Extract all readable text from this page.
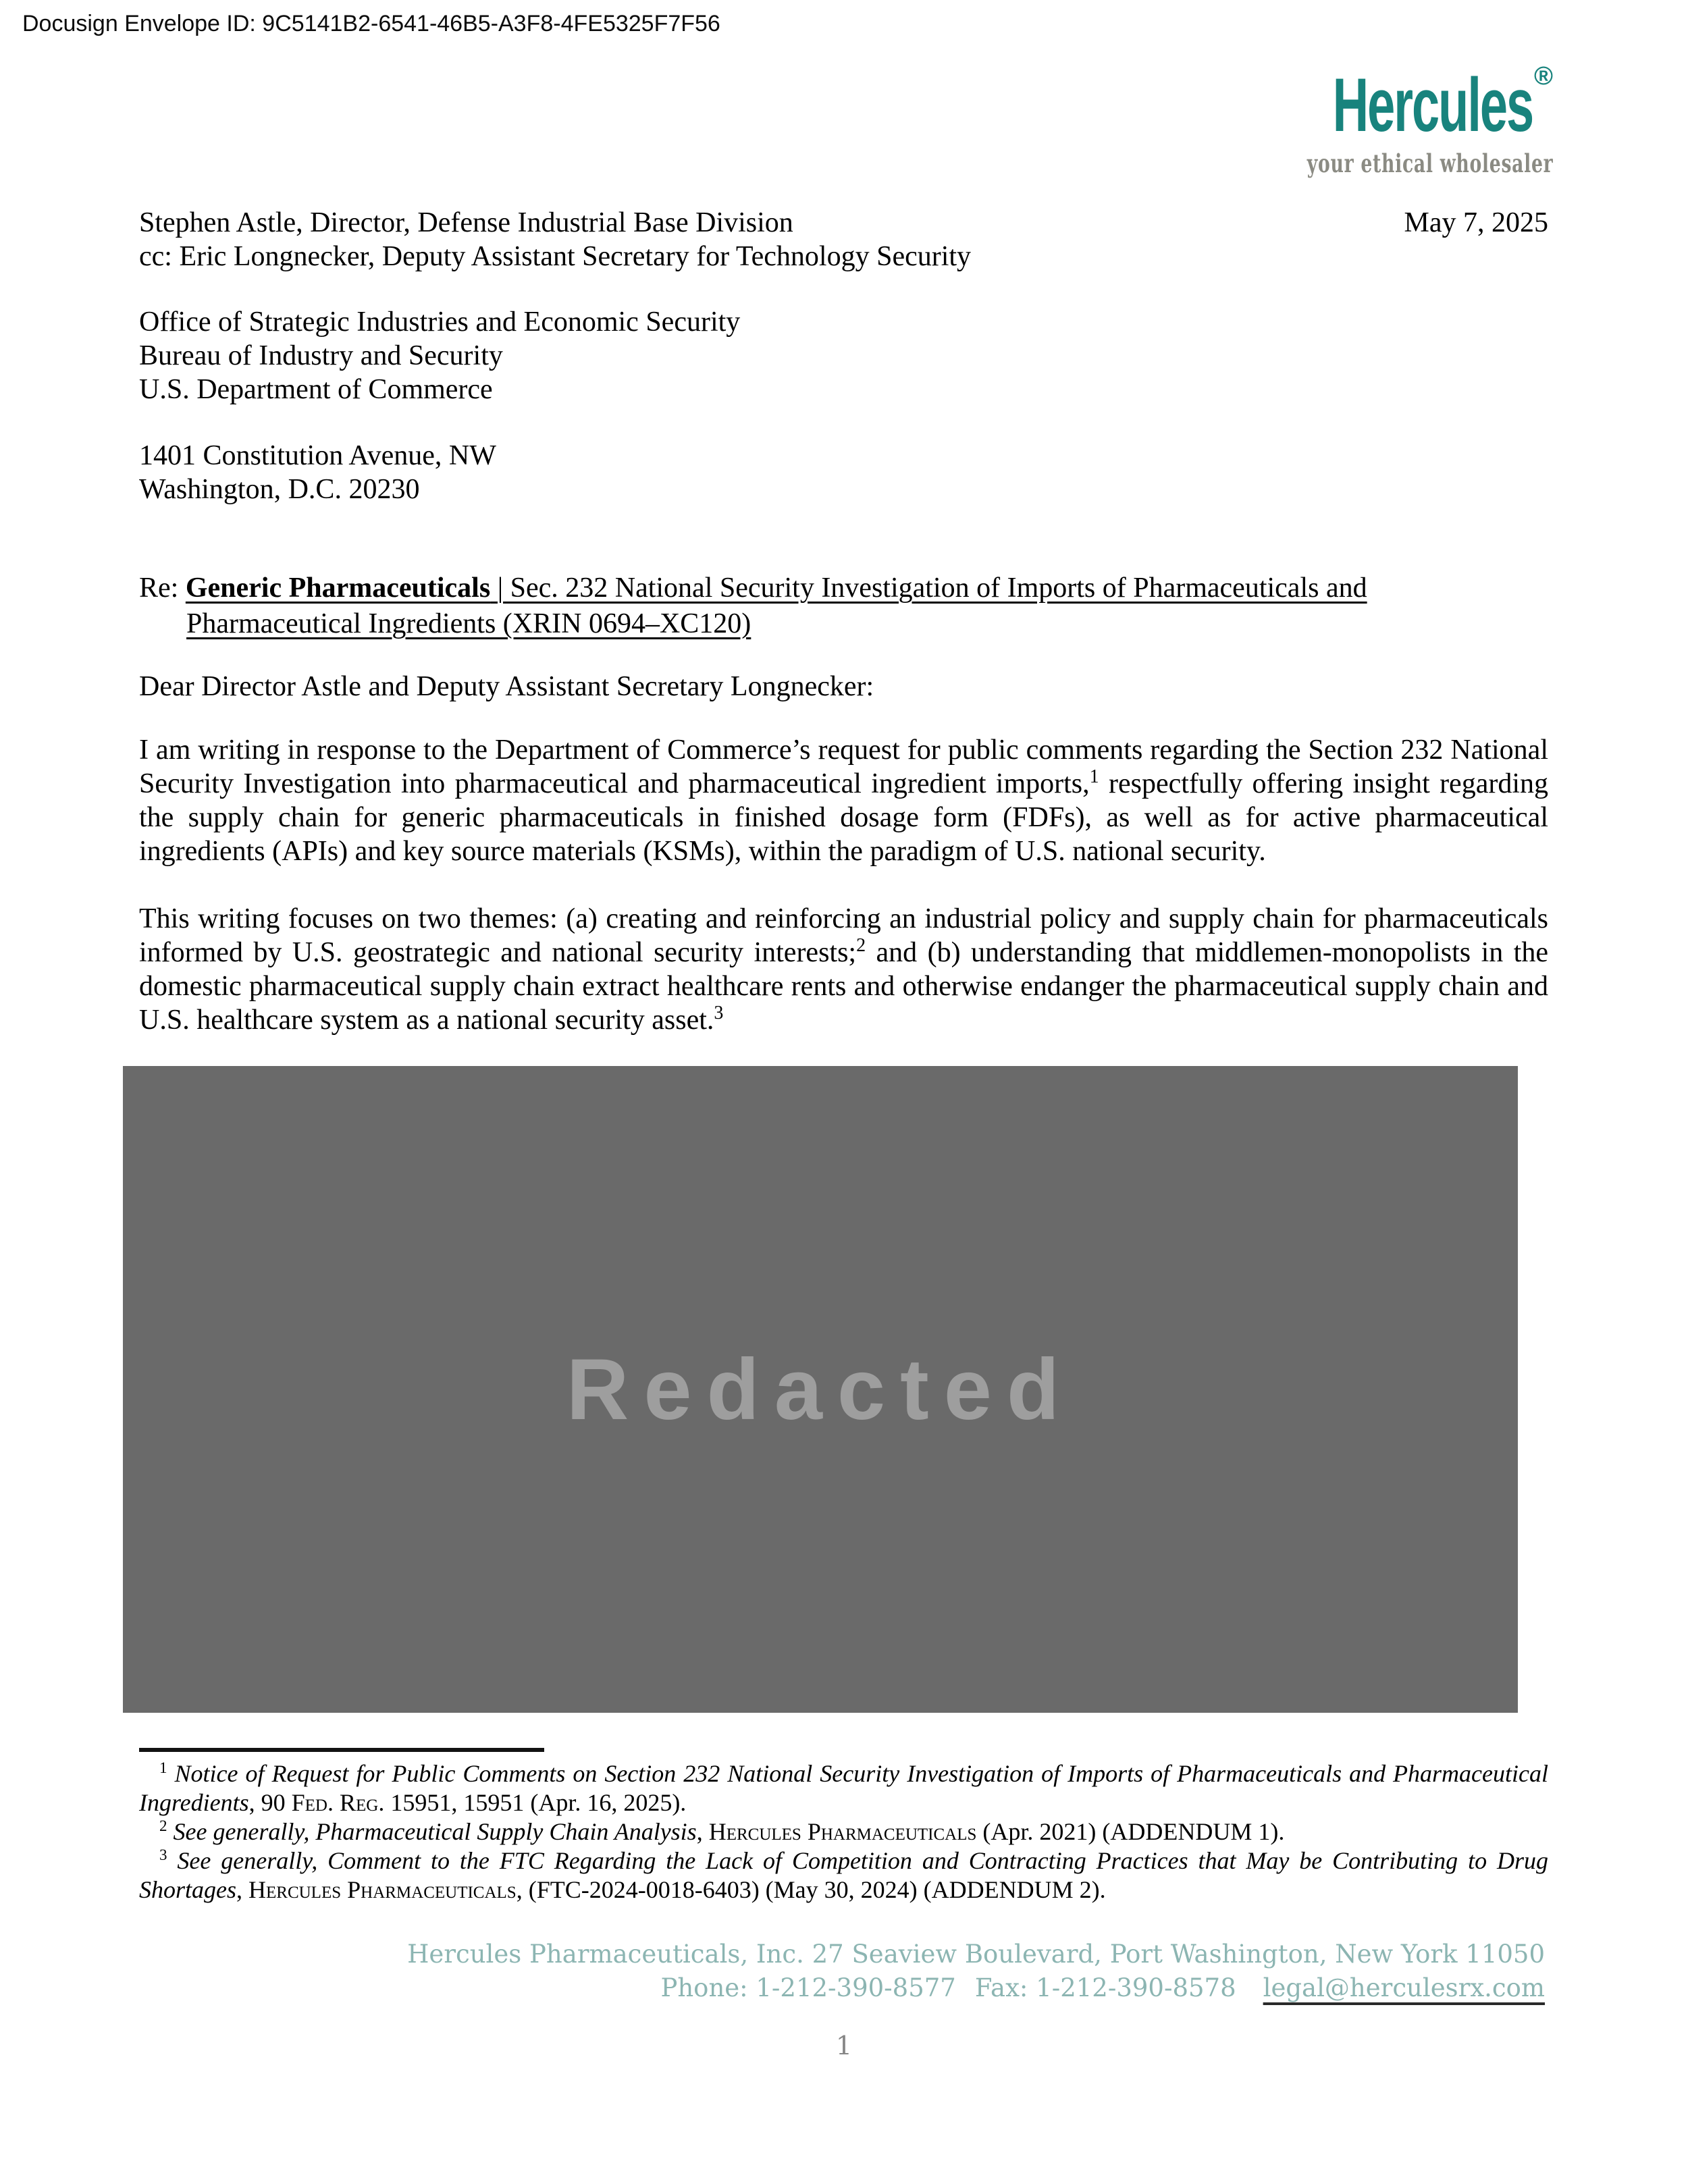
Docusign Envelope ID: 9C5141B2-6541-46B5-A3F8-4FE5325F7F56
Hercules®
your ethical wholesaler
Stephen Astle, Director, Defense Industrial Base Division	May 7, 2025
cc: Eric Longnecker, Deputy Assistant Secretary for Technology Security
Office of Strategic Industries and Economic Security
Bureau of Industry and Security
U.S. Department of Commerce
1401 Constitution Avenue, NW
Washington, D.C. 20230
Re: Generic Pharmaceuticals | Sec. 232 National Security Investigation of Imports of Pharmaceuticals and
Pharmaceutical Ingredients (XRIN 0694–XC120)
Dear Director Astle and Deputy Assistant Secretary Longnecker:

I am writing in response to the Department of Commerce’s request for public comments regarding the Section 232 National Security Investigation into pharmaceutical and pharmaceutical ingredient imports,$^1$ respectfully offering insight regarding the supply chain for generic pharmaceuticals in finished dosage form (FDFs), as well as for active pharmaceutical ingredients (APIs) and key source materials (KSMs), within the paradigm of U.S. national security.

This writing focuses on two themes: (a) creating and reinforcing an industrial policy and supply chain for pharmaceuticals informed by U.S. geostrategic and national security interests;$^2$ and (b) understanding that middlemen-monopolists in the domestic pharmaceutical supply chain extract healthcare rents and otherwise endanger the pharmaceutical supply chain and U.S. healthcare system as a national security asset.$^3$

Redacted

$^1$ Notice of Request for Public Comments on Section 232 National Security Investigation of Imports of Pharmaceuticals and Pharmaceutical Ingredients, 90 Fed. Reg. 15951, 15951 (Apr. 16, 2025).

$^2$ See generally, Pharmaceutical Supply Chain Analysis, Hercules Pharmaceuticals (Apr. 2021) (ADDENDUM 1).

$^3$ See generally, Comment to the FTC Regarding the Lack of Competition and Contracting Practices that May be Contributing to Drug Shortages, Hercules Pharmaceuticals, (FTC-2024-0018-6403) (May 30, 2024) (ADDENDUM 2).

Hercules Pharmaceuticals, Inc. 27 Seaview Boulevard, Port Washington, New York 11050
Phone: 1-212-390-8577 Fax: 1-212-390-8578 legal@herculesrx.com
1
